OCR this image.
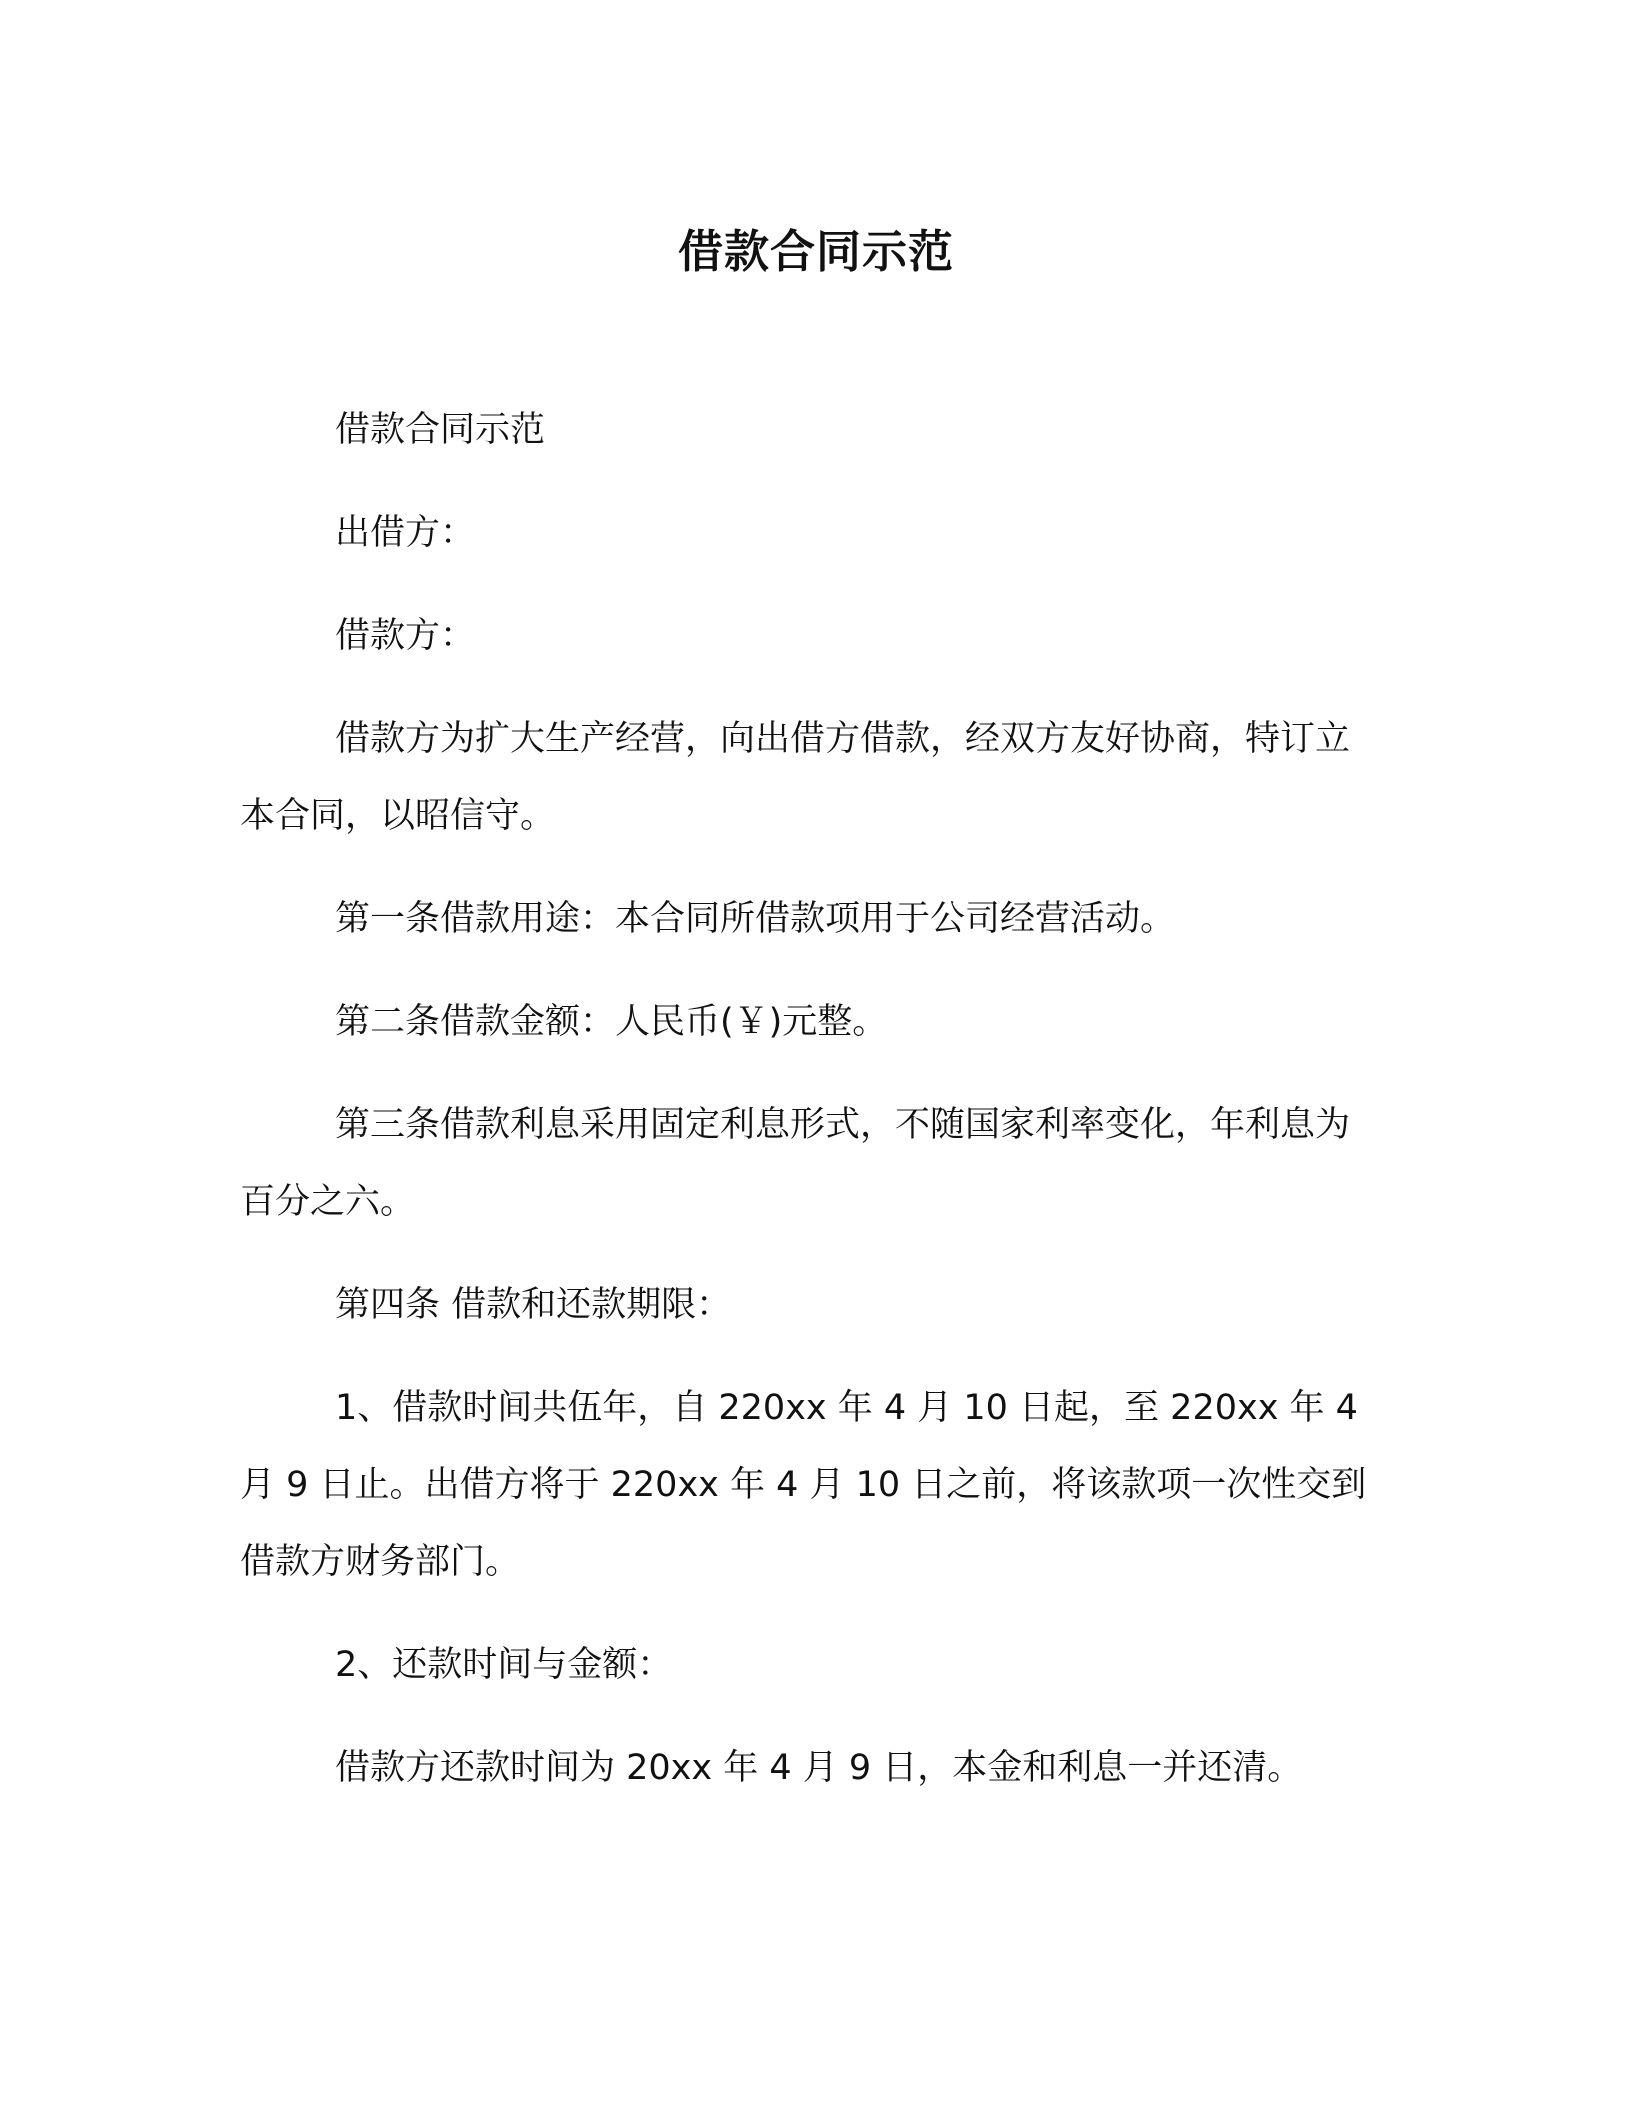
借款合同示范

借款合同示范

出借方：

借款方：

借款方为扩大生产经营，向出借方借款，经双方友好协商，特订立本合同，以昭信守。

第一条借款用途：本合同所借款项用于公司经营活动。

第二条借款金额：人民币(￥)元整。

第三条借款利息采用固定利息形式，不随国家利率变化，年利息为百分之六。

第四条 借款和还款期限：

1、借款时间共伍年，自 220xx 年 4 月 10 日起，至 220xx 年 4 月 9 日止。出借方将于 220xx 年 4 月 10 日之前，将该款项一次性交到借款方财务部门。

2、还款时间与金额：

借款方还款时间为 20xx 年 4 月 9 日，本金和利息一并还清。
